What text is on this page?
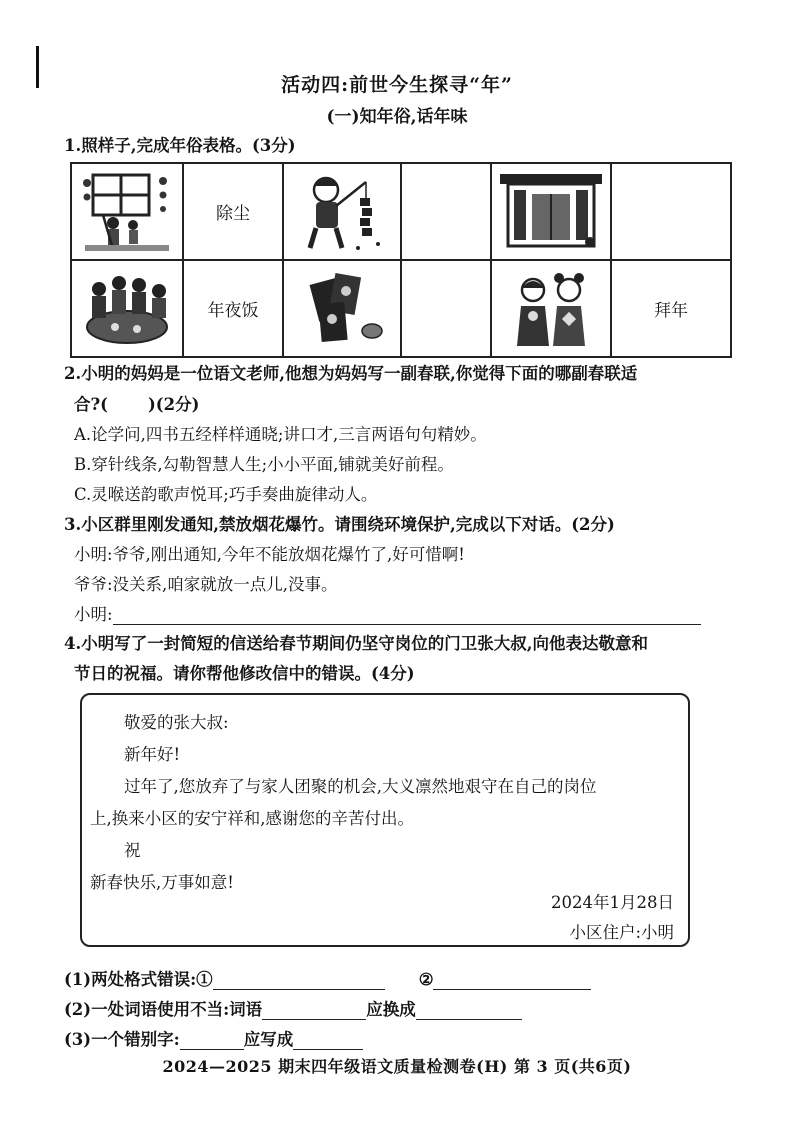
活动四:前世今生探寻“年”
(一)知年俗,话年味
1.照样子,完成年俗表格。(3分)
	除尘	

	年夜饭				拜年
2.小明的妈妈是一位语文老师,他想为妈妈写一副春联,你觉得下面的哪副春联适
合?( )(2分)
A.论学问,四书五经样样通晓;讲口才,三言两语句句精妙。
B.穿针线条,勾勒智慧人生;小小平面,铺就美好前程。
C.灵喉送韵歌声悦耳;巧手奏曲旋律动人。
3.小区群里刚发通知,禁放烟花爆竹。请围绕环境保护,完成以下对话。(2分)
小明:爷爷,刚出通知,今年不能放烟花爆竹了,好可惜啊!
爷爷:没关系,咱家就放一点儿,没事。
小明:
4.小明写了一封简短的信送给春节期间仍坚守岗位的门卫张大叔,向他表达敬意和
节日的祝福。请你帮他修改信中的错误。(4分)
敬爱的张大叔:
新年好!
过年了,您放弃了与家人团聚的机会,大义凛然地艰守在自己的岗位
上,换来小区的安宁祥和,感谢您的辛苦付出。
祝
新春快乐,万事如意!
2024年1月28日
小区住户:小明
(1)两处格式错误:①	②
(2)一处词语使用不当:词语	应换成
(3)一个错别字:	应写成
2024—2025 期末四年级语文质量检测卷(H) 第 3 页(共6页)
